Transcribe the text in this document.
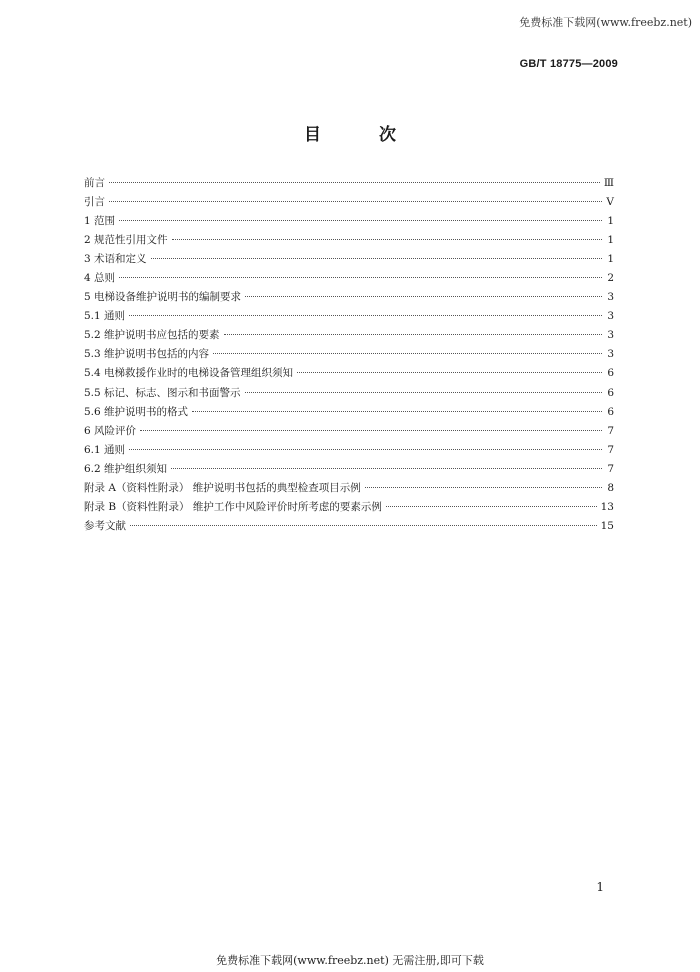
免费标准下载网(www.freebz.net)
GB/T 18775—2009
目 次
前言	Ⅲ
引言	Ⅴ
1 范围	1
2 规范性引用文件	1
3 术语和定义	1
4 总则	2
5 电梯设备维护说明书的编制要求	3
5.1 通则	3
5.2 维护说明书应包括的要素	3
5.3 维护说明书包括的内容	3
5.4 电梯救援作业时的电梯设备管理组织须知	6
5.5 标记、标志、图示和书面警示	6
5.6 维护说明书的格式	6
6 风险评价	7
6.1 通则	7
6.2 维护组织须知	7
附录 A（资料性附录） 维护说明书包括的典型检查项目示例	8
附录 B（资料性附录） 维护工作中风险评价时所考虑的要素示例	13
参考文献	15
1
免费标准下载网(www.freebz.net) 无需注册,即可下载
